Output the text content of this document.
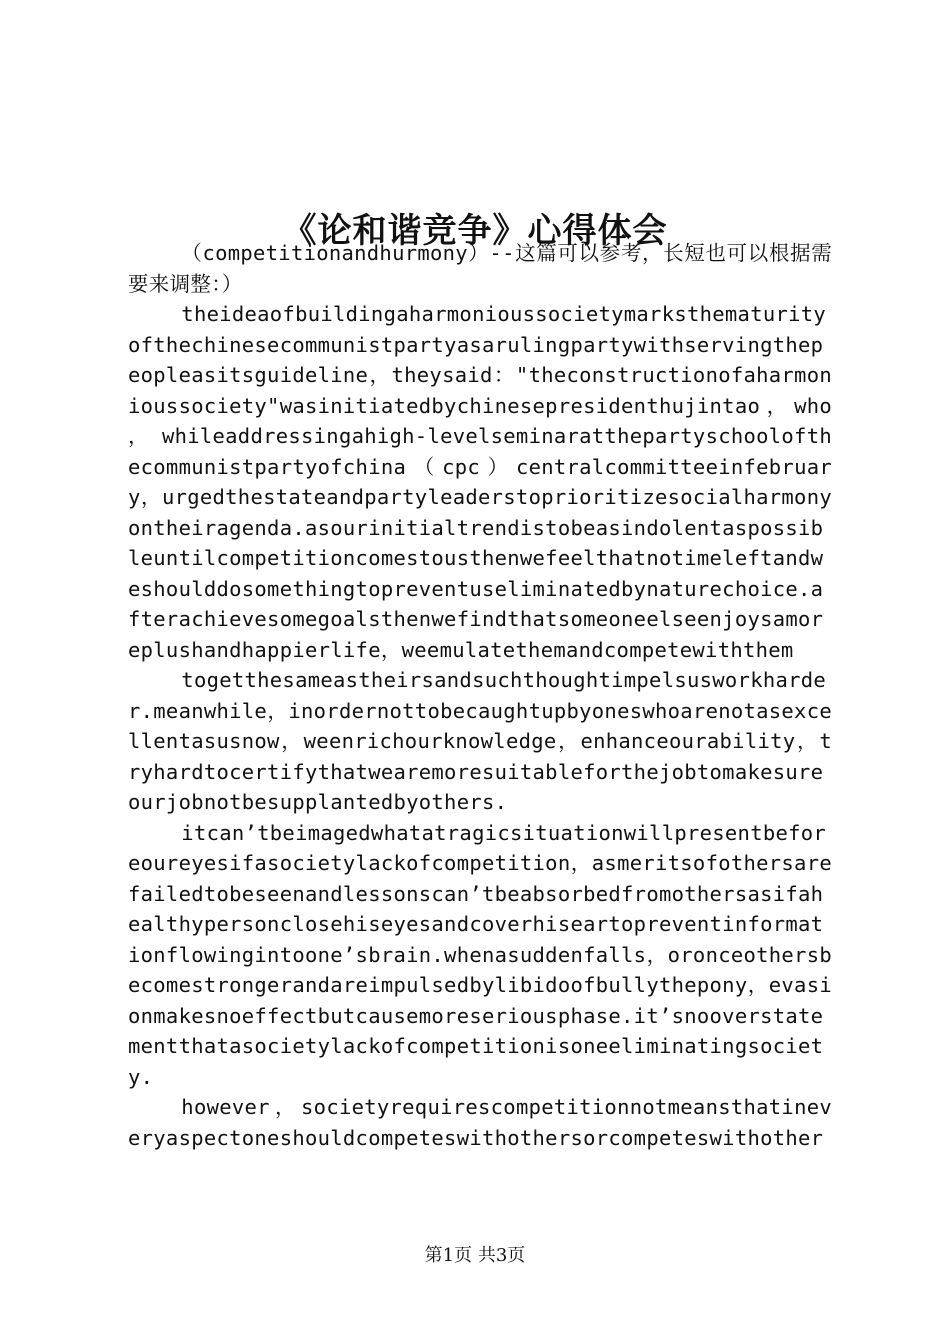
《论和谐竞争》心得体会

（competitionandhurmony）--这篇可以参考，长短也可以根据需要来调整：）

theideaofbuildingaharmonioussocietymarksthematurityofthechinesecommunistpartyasarulingpartywithservingthepeopleasitsguideline，theysaid："theconstructionofaharmonioussociety"wasinitiatedbychinesepresidenthujintao，who ， whileaddressingahigh-levelseminaratthepartyschoolofthecommunistpartyofchina（cpc）centralcommitteeinfebruary，urgedthestateandpartyleaderstoprioritizesocialharmonyontheiragenda.asourinitialtrendistobeasindolentaspossibleuntilcompetitioncomestousthenwefeelthatnotimeleftandweshoulddosomethingtopreventuseliminatedbynaturechoice.afterachievesomegoalsthenwefindthatsomeoneelseenjoysamoreplushandhappierlife，weemulatethemandcompetewiththem

togetthesameastheirsandsuchthoughtimpelsusworkharder.meanwhile，inordernottobecaughtupbyoneswhoarenotasexcellentasusnow，weenrichourknowledge，enhanceourability，tryhardtocertifythatwearemoresuitableforthejobtomakesureourjobnotbesupplantedbyothers.

itcan’tbeimagedwhatatragicsituationwillpresentbeforeoureyesifasocietylackofcompetition，asmeritsofothersarefailedtobeseenandlessonscan’tbeabsorbedfromothersasifahealthypersonclosehiseyesandcoverhiseartopreventinformationflowingintoone’sbrain.whenasuddenfalls，oronceothersbecomestrongerandareimpulsedbylibidoofbullythepony，evasionmakesnoeffectbutcausemoreseriousphase.it’snooverstatementthatasocietylackofcompetitionisoneeliminatingsociety.

however，societyrequirescompetitionnotmeansthatineveryaspectoneshouldcompeteswithothersorcompeteswithother

第1页 共3页
